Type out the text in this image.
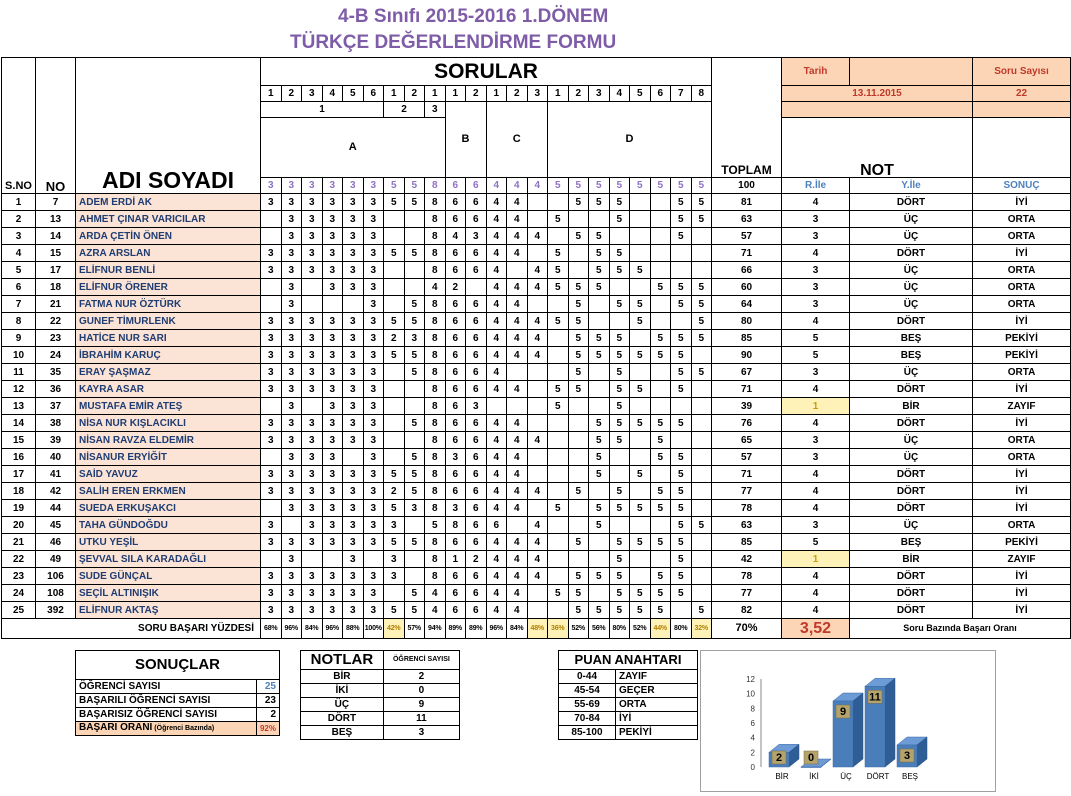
4-B Sınıfı 2015-2016 1.DÖNEM
TÜRKÇE DEĞERLENDİRME FORMU
S.NO	NO	ADI SOYADI	SORULAR																						TOPLAM	Tarih		Soru Sayısı
			1	2	3	4	5	6	1	2	1	1	2	1	2	3	1	2	3	4	5	6	7	8		13.11.2015		22
			1						2		3	B		C			D											
			A																							NOT		
			3	3	3	3	3	3	5	5	8	6	6	4	4	4	5	5	5	5	5	5	5	5	100	R.İle	Y.İle	SONUÇ
1	7	ADEM ERDİ AK	3	3	3	3	3	3	5	5	8	6	6	4	4			5	5	5			5	5	81	4	DÖRT	İYİ
2	13	AHMET ÇINAR VARICILAR		3	3	3	3	3			8	6	6	4	4		5			5			5	5	63	3	ÜÇ	ORTA
3	14	ARDA ÇETİN ÖNEN		3	3	3	3	3			8	4	3	4	4	4		5	5				5		57	3	ÜÇ	ORTA
4	15	AZRA ARSLAN	3	3	3	3	3	3	5	5	8	6	6	4	4		5		5	5					71	4	DÖRT	İYİ
5	17	ELİFNUR BENLİ	3	3	3	3	3	3			8	6	6	4		4	5		5	5	5				66	3	ÜÇ	ORTA
6	18	ELİFNUR ÖRENER		3		3	3	3			4	2		4	4	4	5	5	5			5	5	5	60	3	ÜÇ	ORTA
7	21	FATMA NUR ÖZTÜRK		3				3		5	8	6	6	4	4			5		5	5		5	5	64	3	ÜÇ	ORTA
8	22	GUNEF TİMURLENK	3	3	3	3	3	3	5	5	8	6	6	4	4	4	5	5			5			5	80	4	DÖRT	İYİ
9	23	HATİCE NUR SARI	3	3	3	3	3	3	2	3	8	6	6	4	4	4		5	5	5		5	5	5	85	5	BEŞ	PEKİYİ
10	24	İBRAHİM KARUÇ	3	3	3	3	3	3	5	5	8	6	6	4	4	4		5	5	5	5	5	5		90	5	BEŞ	PEKİYİ
11	35	ERAY ŞAŞMAZ	3	3	3	3	3	3		5	8	6	6	4				5		5			5	5	67	3	ÜÇ	ORTA
12	36	KAYRA ASAR	3	3	3	3	3	3			8	6	6	4	4		5	5		5	5		5		71	4	DÖRT	İYİ
13	37	MUSTAFA EMİR ATEŞ		3		3	3	3			8	6	3				5			5					39	1	BİR	ZAYIF
14	38	NİSA NUR KIŞLACIKLI	3	3	3	3	3	3		5	8	6	6	4	4				5	5	5	5	5		76	4	DÖRT	İYİ
15	39	NİSAN RAVZA ELDEMİR	3	3	3	3	3	3			8	6	6	4	4	4			5	5		5			65	3	ÜÇ	ORTA
16	40	NİSANUR ERYİĞİT		3	3	3		3		5	8	3	6	4	4				5			5	5		57	3	ÜÇ	ORTA
17	41	SAİD YAVUZ	3	3	3	3	3	3	5	5	8	6	6	4	4				5		5		5		71	4	DÖRT	İYİ
18	42	SALİH EREN ERKMEN	3	3	3	3	3	3	2	5	8	6	6	4	4	4		5		5		5	5		77	4	DÖRT	İYİ
19	44	SUEDA ERKUŞAKCI		3	3	3	3	3	5	3	8	3	6	4	4		5		5	5	5	5	5		78	4	DÖRT	İYİ
20	45	TAHA GÜNDOĞDU	3		3	3	3	3	3		5	8	6	6		4			5				5	5	63	3	ÜÇ	ORTA
21	46	UTKU YEŞİL	3	3	3	3	3	3	5	5	8	6	6	4	4	4		5		5	5	5	5		85	5	BEŞ	PEKİYİ
22	49	ŞEVVAL SILA KARADAĞLI		3			3		3		8	1	2	4	4	4				5			5		42	1	BİR	ZAYIF
23	106	SUDE GÜNÇAL	3	3	3	3	3	3	3		8	6	6	4	4	4		5	5	5		5	5		78	4	DÖRT	İYİ
24	108	SEÇİL ALTINIŞIK	3	3	3	3	3	3		5	4	6	6	4	4		5	5		5	5	5	5		77	4	DÖRT	İYİ
25	392	ELİFNUR AKTAŞ	3	3	3	3	3	3	5	5	4	6	6	4	4			5	5	5	5	5		5	82	4	DÖRT	İYİ
SORU BAŞARI YÜZDESİ			68%	96%	84%	96%	88%	100%	42%	57%	94%	89%	89%	96%	84%	48%	36%	52%	56%	80%	52%	44%	80%	32%	70%	3,52	Soru Bazında Başarı Oranı	
SONUÇLAR	
ÖĞRENCİ SAYISI	25
BAŞARILI ÖĞRENCİ SAYISI	23
BAŞARISIZ ÖĞRENCİ SAYISI	2
BAŞARI ORANI (Öğrenci Bazında)	92%
NOTLAR	ÖĞRENCİ SAYISI
BİR	2
İKİ	0
ÜÇ	9
DÖRT	11
BEŞ	3
PUAN ANAHTARI	
0-44	ZAYIF
45-54	GEÇER
55-69	ORTA
70-84	İYİ
85-100	PEKİYİ
0
2
4
6
8
10
12
2
BİR
0
İKİ
9
ÜÇ
11
DÖRT
3
BEŞ
